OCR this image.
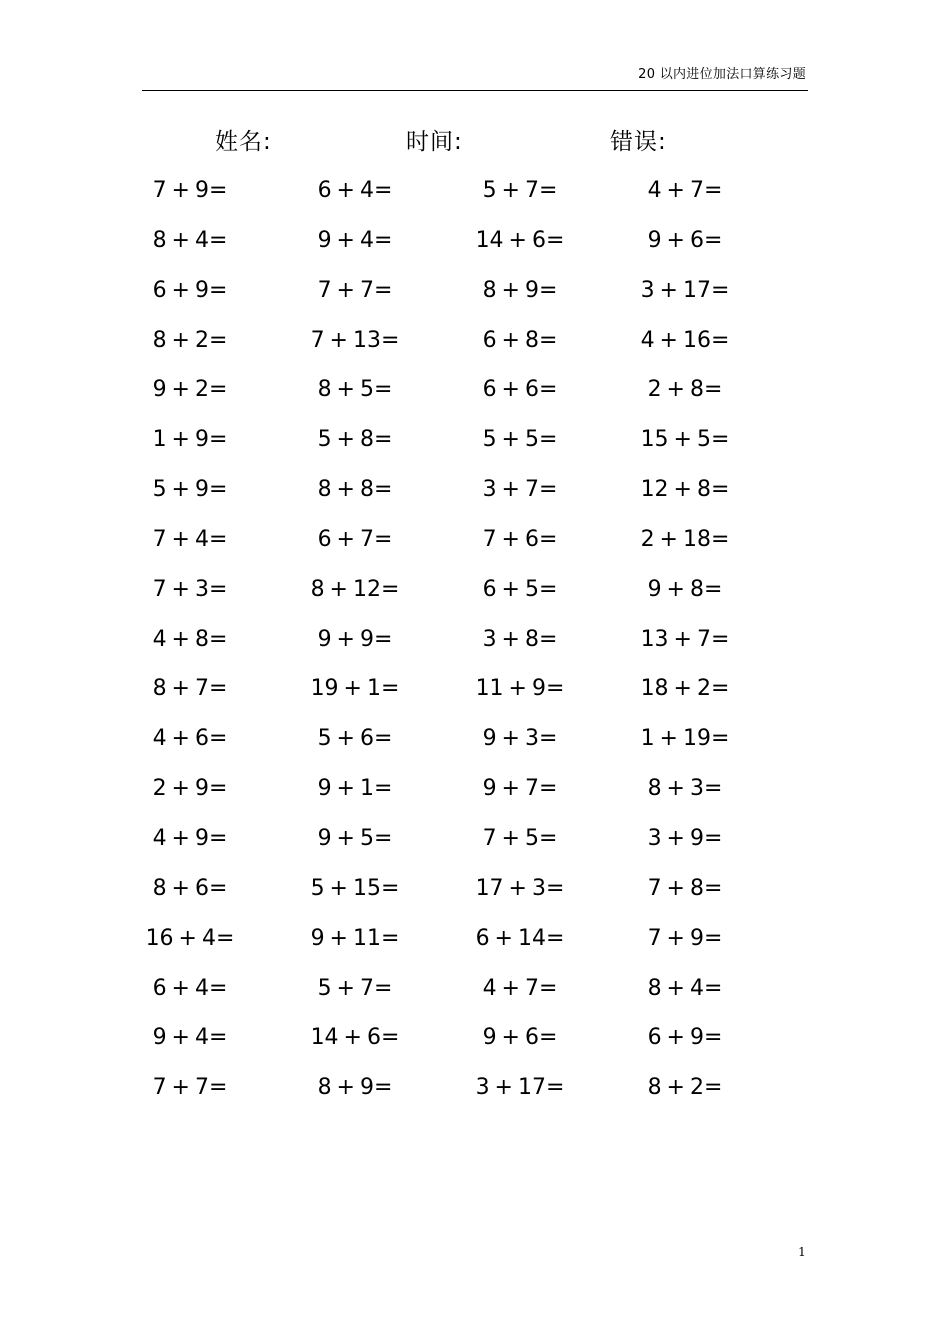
20 以内进位加法口算练习题
姓名:	时间:	错误:
7 + 9=	6 + 4=	5 + 7=	4 + 7=
8 + 4=	9 + 4=	14 + 6=	9 + 6=
6 + 9=	7 + 7=	8 + 9=	3 + 17=
8 + 2=	7 + 13=	6 + 8=	4 + 16=
9 + 2=	8 + 5=	6 + 6=	2 + 8=
1 + 9=	5 + 8=	5 + 5=	15 + 5=
5 + 9=	8 + 8=	3 + 7=	12 + 8=
7 + 4=	6 + 7=	7 + 6=	2 + 18=
7 + 3=	8 + 12=	6 + 5=	9 + 8=
4 + 8=	9 + 9=	3 + 8=	13 + 7=
8 + 7=	19 + 1=	11 + 9=	18 + 2=
4 + 6=	5 + 6=	9 + 3=	1 + 19=
2 + 9=	9 + 1=	9 + 7=	8 + 3=
4 + 9=	9 + 5=	7 + 5=	3 + 9=
8 + 6=	5 + 15=	17 + 3=	7 + 8=
16 + 4=	9 + 11=	6 + 14=	7 + 9=
6 + 4=	5 + 7=	4 + 7=	8 + 4=
9 + 4=	14 + 6=	9 + 6=	6 + 9=
7 + 7=	8 + 9=	3 + 17=	8 + 2=
1
